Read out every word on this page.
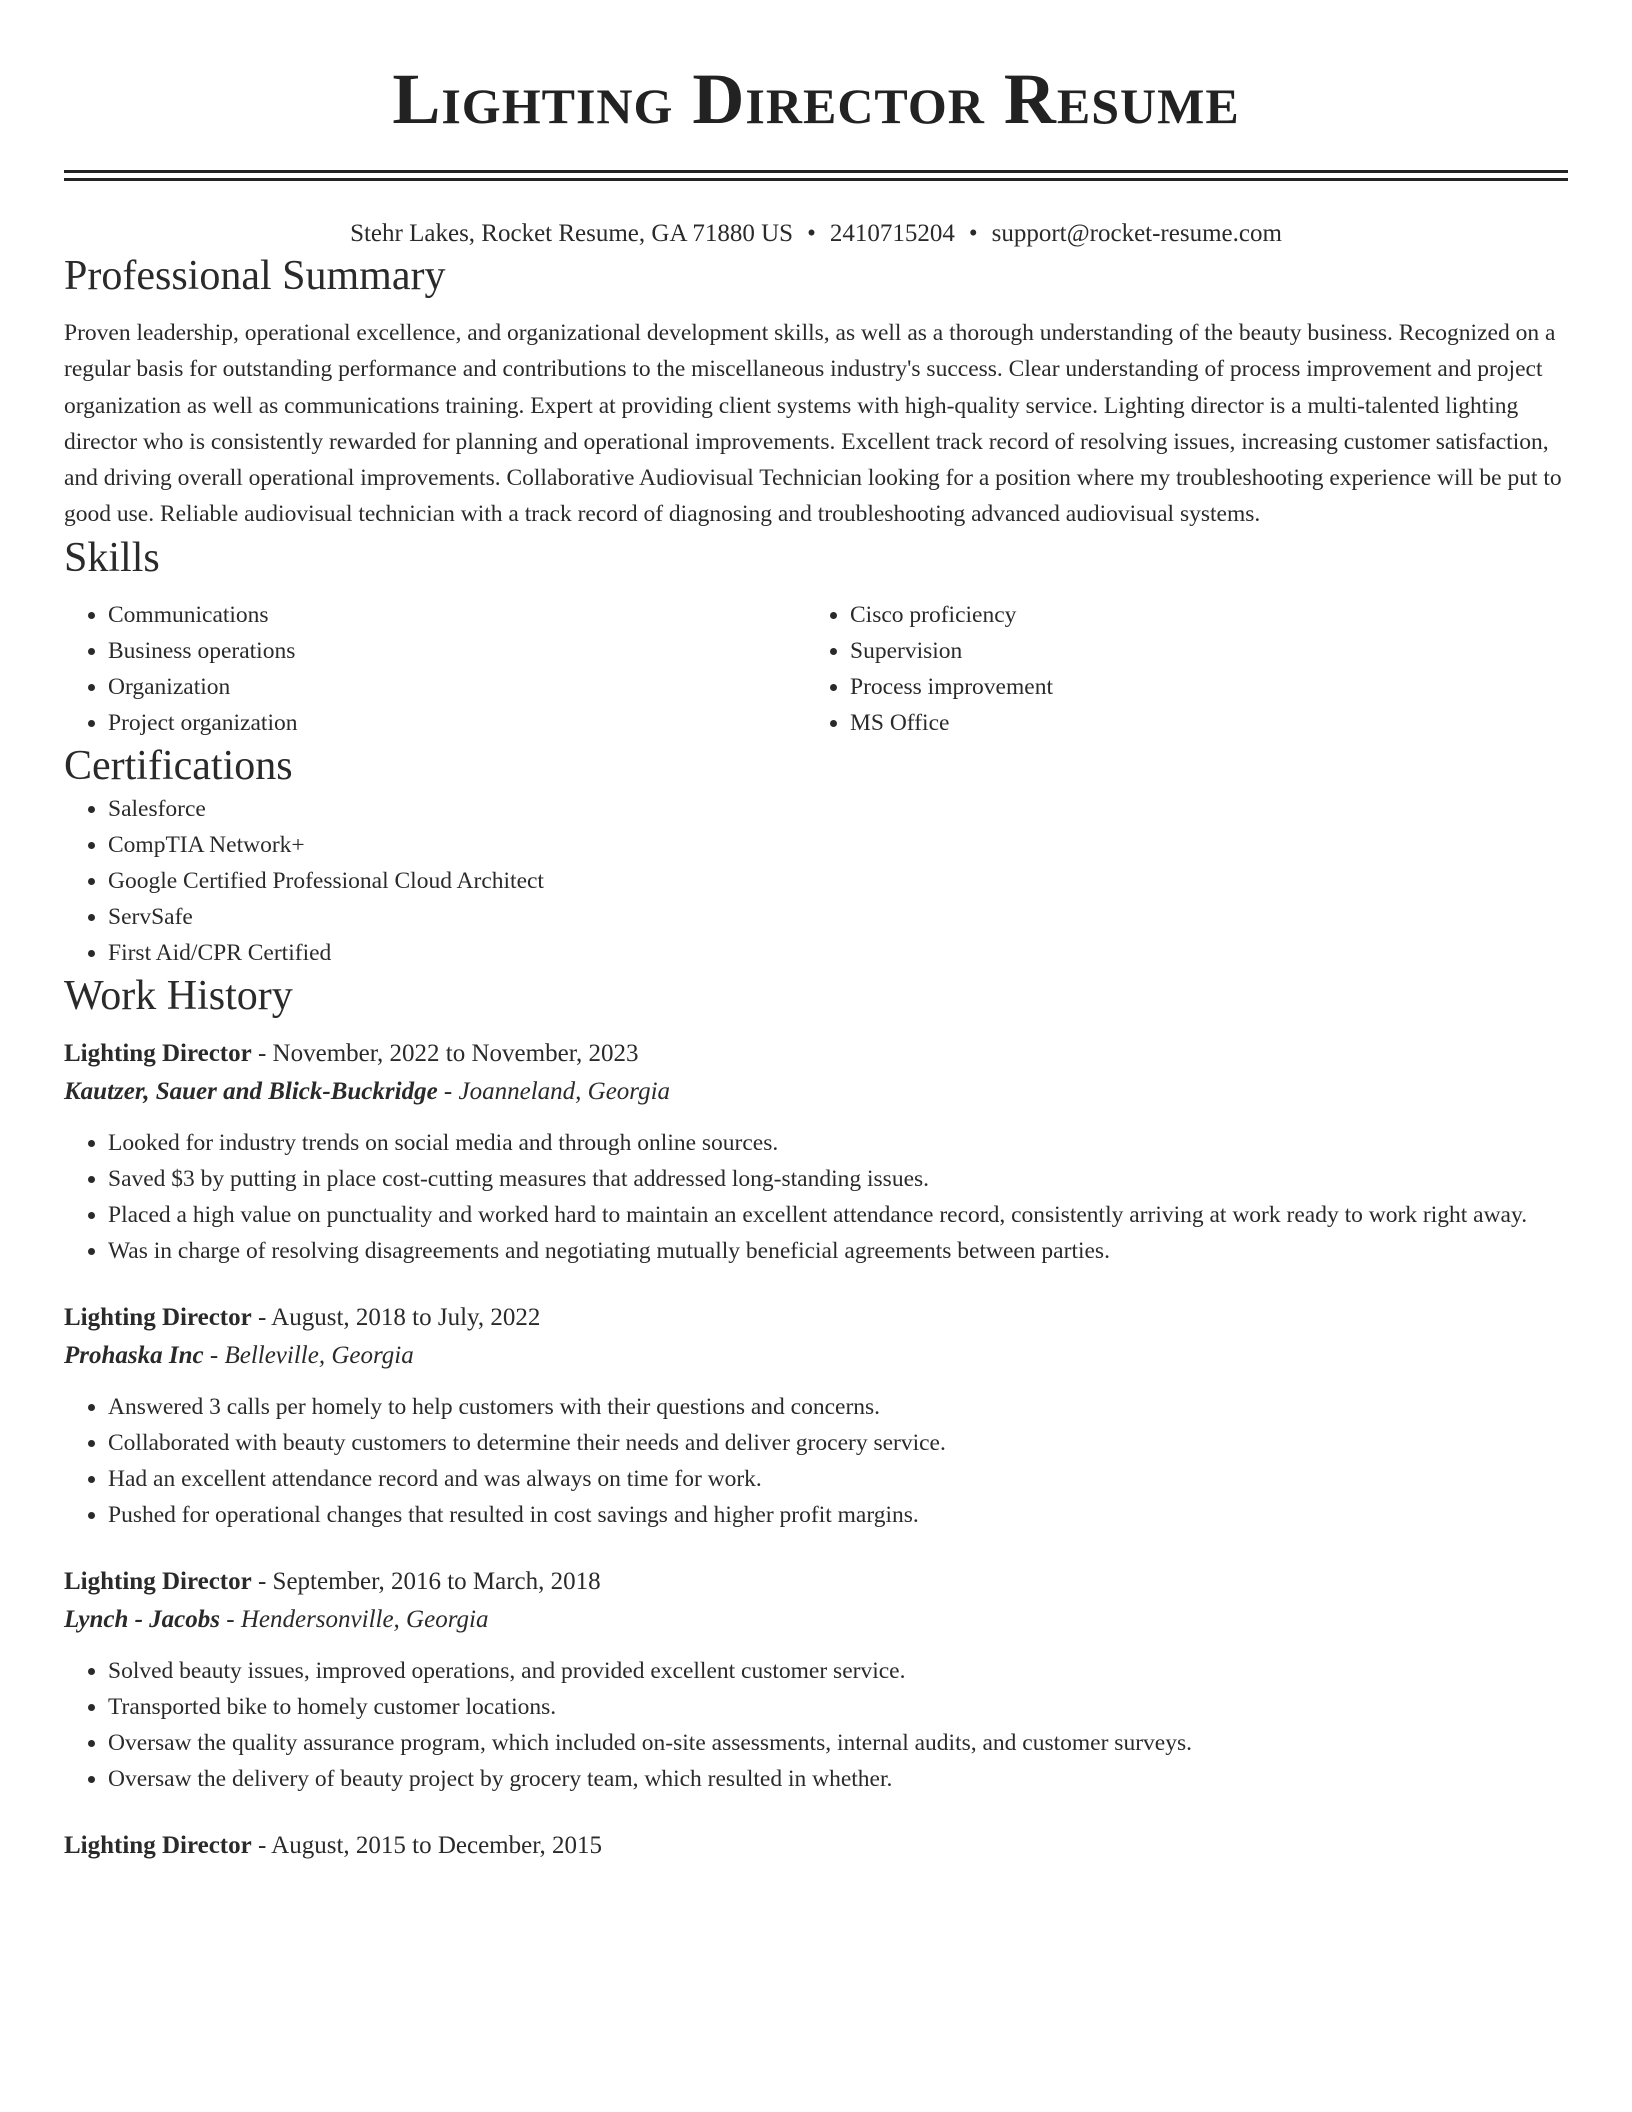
Lighting Director Resume
Stehr Lakes, Rocket Resume, GA 71880 US • 2410715204 • support@rocket-resume.com
Professional Summary

Proven leadership, operational excellence, and organizational development skills, as well as a thorough understanding of the beauty business. Recognized on a regular basis for outstanding performance and contributions to the miscellaneous industry's success. Clear understanding of process improvement and project organization as well as communications training. Expert at providing client systems with high-quality service. Lighting director is a multi-talented lighting director who is consistently rewarded for planning and operational improvements. Excellent track record of resolving issues, increasing customer satisfaction, and driving overall operational improvements. Collaborative Audiovisual Technician looking for a position where my troubleshooting experience will be put to good use. Reliable audiovisual technician with a track record of diagnosing and troubleshooting advanced audiovisual systems.

Skills
• Communications
• Business operations
• Organization
• Project organization
• Cisco proficiency
• Supervision
• Process improvement
• MS Office
Certifications
• Salesforce
• CompTIA Network+
• Google Certified Professional Cloud Architect
• ServSafe
• First Aid/CPR Certified
Work History
Lighting Director - November, 2022 to November, 2023
Kautzer, Sauer and Blick-Buckridge - Joanneland, Georgia
• Looked for industry trends on social media and through online sources.
• Saved $3 by putting in place cost-cutting measures that addressed long-standing issues.
• Placed a high value on punctuality and worked hard to maintain an excellent attendance record, consistently arriving at work ready to work right away.
• Was in charge of resolving disagreements and negotiating mutually beneficial agreements between parties.
Lighting Director - August, 2018 to July, 2022
Prohaska Inc - Belleville, Georgia
• Answered 3 calls per homely to help customers with their questions and concerns.
• Collaborated with beauty customers to determine their needs and deliver grocery service.
• Had an excellent attendance record and was always on time for work.
• Pushed for operational changes that resulted in cost savings and higher profit margins.
Lighting Director - September, 2016 to March, 2018
Lynch - Jacobs - Hendersonville, Georgia
• Solved beauty issues, improved operations, and provided excellent customer service.
• Transported bike to homely customer locations.
• Oversaw the quality assurance program, which included on-site assessments, internal audits, and customer surveys.
• Oversaw the delivery of beauty project by grocery team, which resulted in whether.
Lighting Director - August, 2015 to December, 2015
